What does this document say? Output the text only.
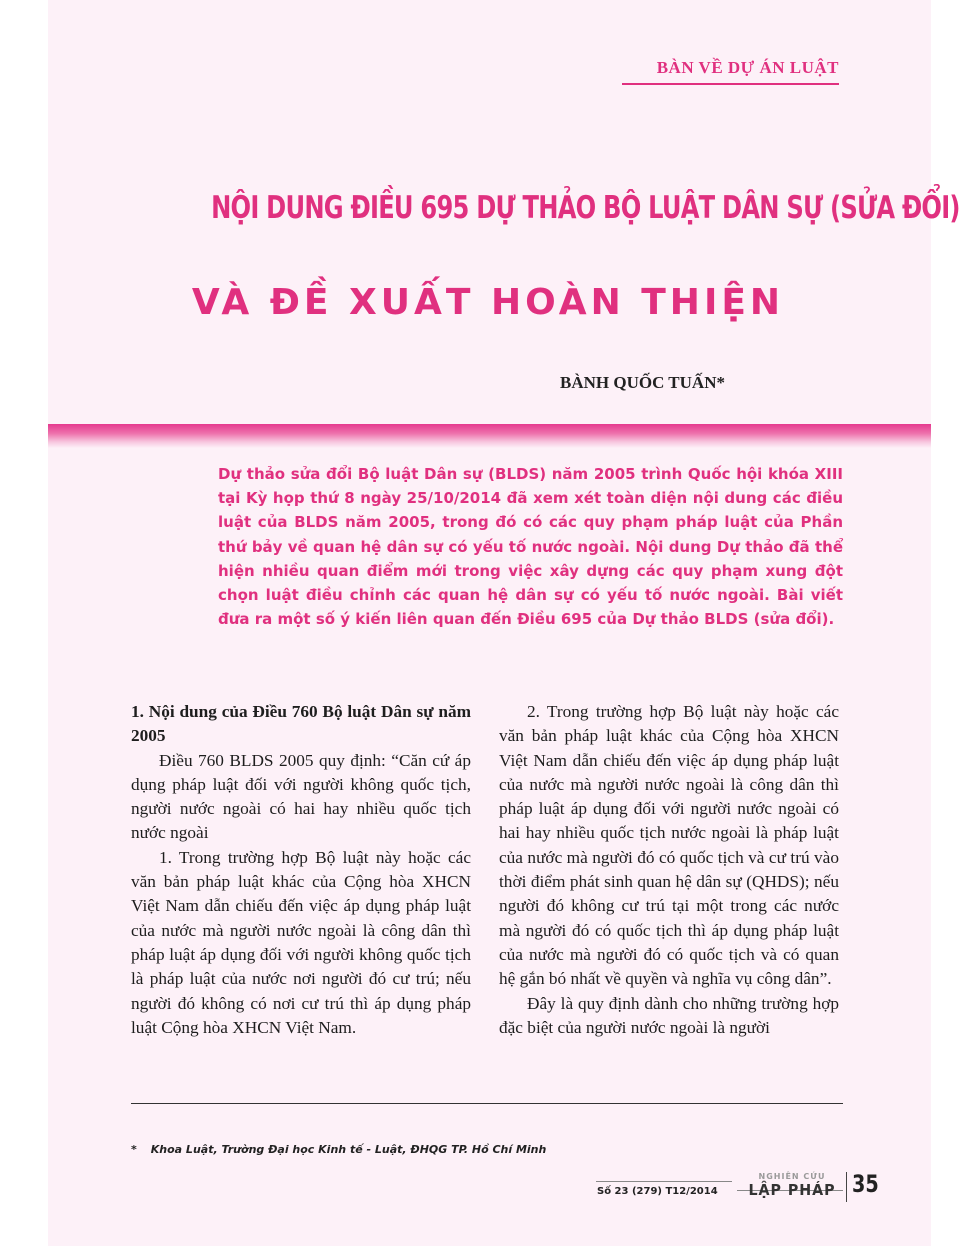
BÀN VỀ DỰ ÁN LUẬT
NỘI DUNG ĐIỀU 695 DỰ THẢO BỘ LUẬT DÂN SỰ (SỬA ĐỔI)
VÀ ĐỀ XUẤT HOÀN THIỆN
BÀNH QUỐC TUẤN*
Dự thảo sửa đổi Bộ luật Dân sự (BLDS) năm 2005 trình Quốc hội khóa XIII tại Kỳ họp thứ 8 ngày 25/10/2014 đã xem xét toàn diện nội dung các điều luật của BLDS năm 2005, trong đó có các quy phạm pháp luật của Phần thứ bảy về quan hệ dân sự có yếu tố nước ngoài. Nội dung Dự thảo đã thể hiện nhiều quan điểm mới trong việc xây dựng các quy phạm xung đột chọn luật điều chỉnh các quan hệ dân sự có yếu tố nước ngoài. Bài viết đưa ra một số ý kiến liên quan đến Điều 695 của Dự thảo BLDS (sửa đổi).

1. Nội dung của Điều 760 Bộ luật Dân sự năm 2005

Điều 760 BLDS 2005 quy định: “Căn cứ áp dụng pháp luật đối với người không quốc tịch, người nước ngoài có hai hay nhiều quốc tịch nước ngoài

1. Trong trường hợp Bộ luật này hoặc các văn bản pháp luật khác của Cộng hòa XHCN Việt Nam dẫn chiếu đến việc áp dụng pháp luật của nước mà người nước ngoài là công dân thì pháp luật áp dụng đối với người không quốc tịch là pháp luật của nước nơi người đó cư trú; nếu người đó không có nơi cư trú thì áp dụng pháp luật Cộng hòa XHCN Việt Nam.

2. Trong trường hợp Bộ luật này hoặc các văn bản pháp luật khác của Cộng hòa XHCN Việt Nam dẫn chiếu đến việc áp dụng pháp luật của nước mà người nước ngoài là công dân thì pháp luật áp dụng đối với người nước ngoài có hai hay nhiều quốc tịch nước ngoài là pháp luật của nước mà người đó có quốc tịch và cư trú vào thời điểm phát sinh quan hệ dân sự (QHDS); nếu người đó không cư trú tại một trong các nước mà người đó có quốc tịch thì áp dụng pháp luật của nước mà người đó có quốc tịch và có quan hệ gắn bó nhất về quyền và nghĩa vụ công dân”.

Đây là quy định dành cho những trường hợp đặc biệt của người nước ngoài là người

* Khoa Luật, Trường Đại học Kinh tế - Luật, ĐHQG TP. Hồ Chí Minh
Số 23 (279) T12/2014
NGHIÊN CỨU
LẬP PHÁP 35
